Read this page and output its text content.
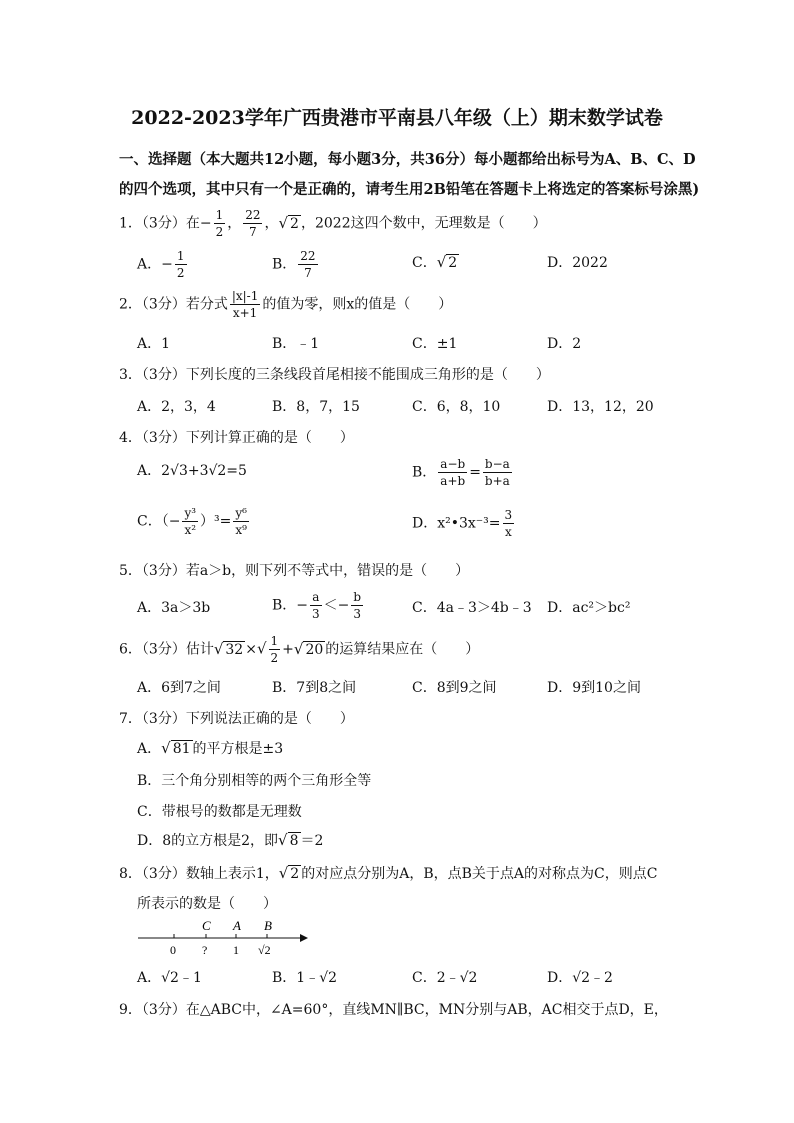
2022-2023学年广西贵港市平南县八年级（上）期末数学试卷
一、选择题（本大题共12小题，每小题3分，共36分）每小题都给出标号为A、B、C、D
的四个选项，其中只有一个是正确的，请考生用2B铅笔在答题卡上将选定的答案标号涂黑)
1．（3分）在− $\frac{1}{2}$ ， $\frac{22}{7}$ ，√ 2 ，2022这四个数中，无理数是（　　）
A．− $\frac{1}{2}$	B． $\frac{22}{7}$	C．√ 2	D．2022
2．（3分）若分式 $\frac{|x|-1}{x+1}$ 的值为零，则x的值是（　　）
A．1	B．﹣1	C．±1	D．2
3．（3分）下列长度的三条线段首尾相接不能围成三角形的是（　　）
A．2，3，4	B．8，7，15	C．6，8，10	D．13，12，20
4．（3分）下列计算正确的是（　　）
A．2√3+3√2=5	B． $\frac{a-b}{a+b} = \frac{b-a}{b+a}$
C．（− $\frac{\text{y³}}{\text{x²}} )^3= \frac{\text{y⁶}}{\text{x⁹}}$	D．x²•3x⁻³= $\frac{3}{x}$
5．（3分）若a＞b，则下列不等式中，错误的是（　　）
A．3a＞3b	B．− $\frac{a}{3} <- \frac{b}{3}$	C．4a﹣3＞4b﹣3 D．ac²＞bc²
6．（3分）估计√ 32 ×√ $\frac{1}{2}$ +√ 20 的运算结果应在（　　）
A．6到7之间	B．7到8之间	C．8到9之间	D．9到10之间
7．（3分）下列说法正确的是（　　）
A．√ 81 的平方根是±3
B．三个角分别相等的两个三角形全等
C．带根号的数都是无理数
D．8的立方根是2，即√ 8 ＝2
8．（3分）数轴上表示1，√ 2 的对应点分别为A，B，点B关于点A的对称点为C，则点C
所表示的数是（　　）
C A B
0 ? 1 √2
A．√2﹣1	B．1﹣√2	C．2﹣√2	D．√2﹣2
9．（3分）在△ABC中，∠A=60°，直线MN∥BC，MN分别与AB，AC相交于点D，E，
